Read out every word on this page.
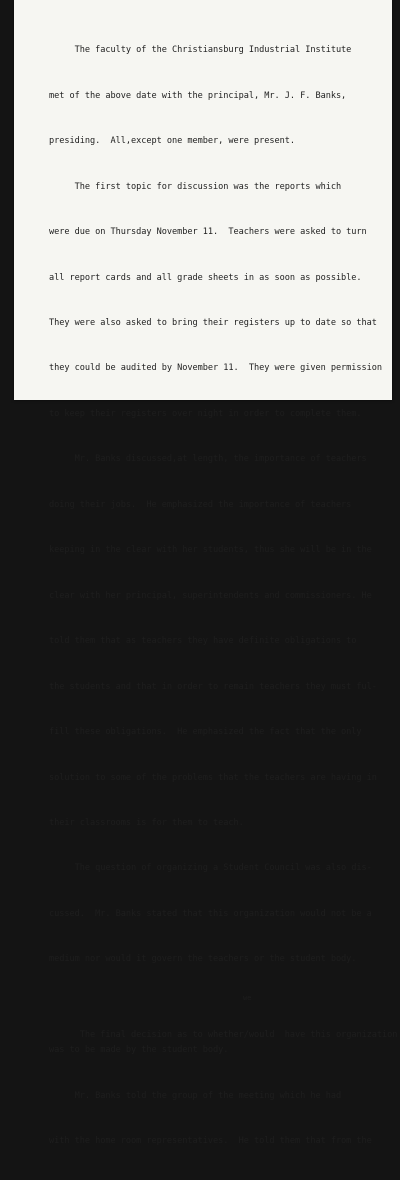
The faculty of the Christiansburg Industrial Institute

met of the above date with the principal, Mr. J. F. Banks,

presiding.  All,except one member, were present.

The first topic for discussion was the reports which

were due on Thursday November 11.  Teachers were asked to turn

all report cards and all grade sheets in as soon as possible.

They were also asked to bring their registers up to date so that

they could be audited by November 11.  They were given permission

to keep their registers over night in order to complete them.

Mr. Banks discussed,at length, the importance of teachers

doing their jobs.  He emphasized the importance of teachers

keeping in the clear with her students, thus she will be in the

clear with her principal, superintendents and commissioners. He

told them that as teachers they have definite obligations to

the students and that in order to remain teachers they must ful-

fill these obligations.  He emphasized the fact that the only

solution to some of the problems that the teachers are having in

their classrooms is for them to teach.

The question of organizing a Student Council was also dis-

cussed.  Mr. Banks stated that this organization would not be a

medium nor would it govern the teachers or the student body.

we

The final decision as to whether/would  have this organization

was to be made by the student body.

Mr. Banks told the group of the meeting which he had

with the home room representatives.  He told them that from the
